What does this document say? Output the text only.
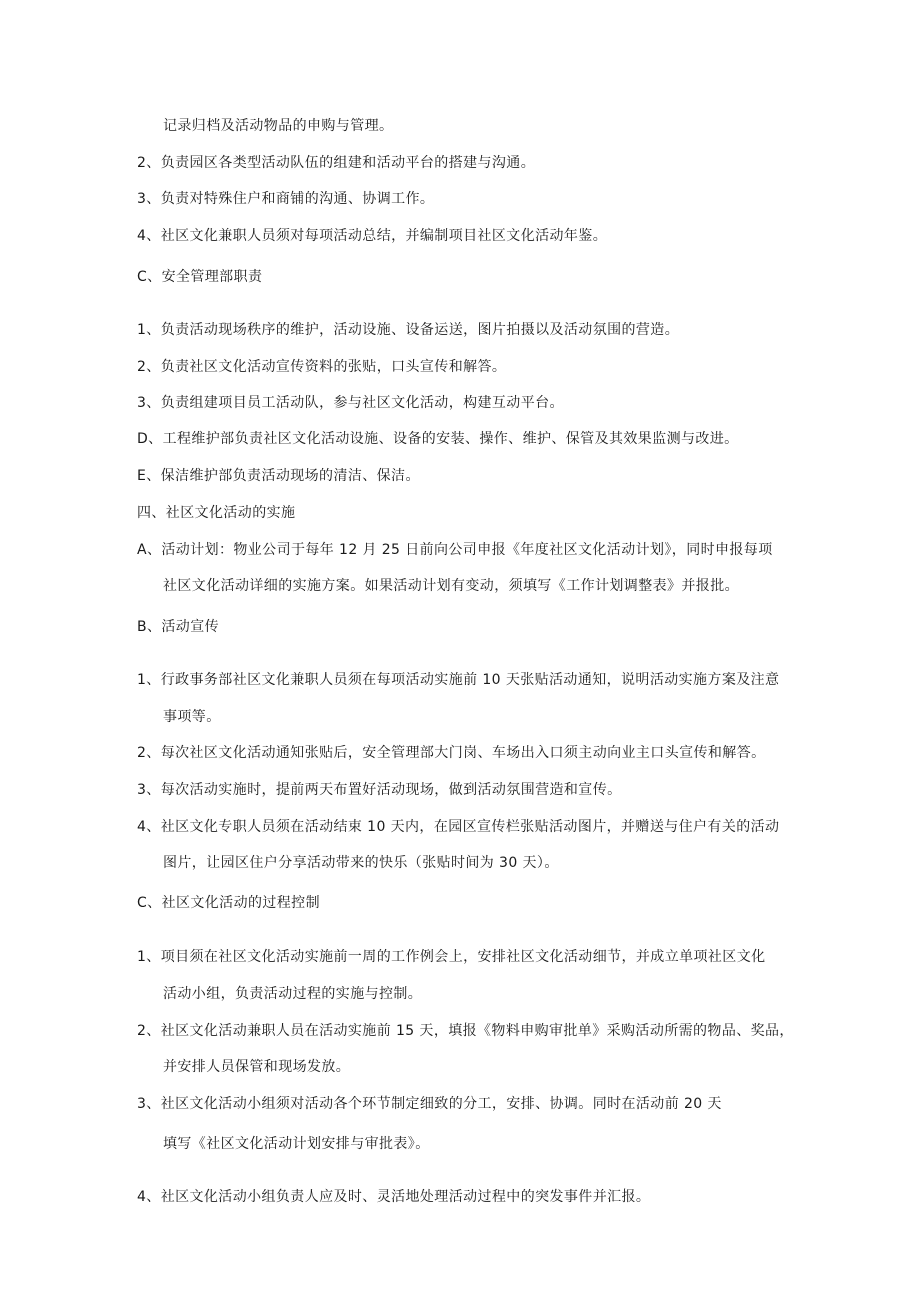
记录归档及活动物品的申购与管理。
2、负责园区各类型活动队伍的组建和活动平台的搭建与沟通。
3、负责对特殊住户和商铺的沟通、协调工作。
4、社区文化兼职人员须对每项活动总结，并编制项目社区文化活动年鉴。
C、安全管理部职责
1、负责活动现场秩序的维护，活动设施、设备运送，图片拍摄以及活动氛围的营造。
2、负责社区文化活动宣传资料的张贴，口头宣传和解答。
3、负责组建项目员工活动队，参与社区文化活动，构建互动平台。
D、工程维护部负责社区文化活动设施、设备的安装、操作、维护、保管及其效果监测与改进。
E、保洁维护部负责活动现场的清洁、保洁。
四、社区文化活动的实施
A、活动计划：物业公司于每年 12 月 25 日前向公司申报《年度社区文化活动计划》，同时申报每项
社区文化活动详细的实施方案。如果活动计划有变动，须填写《工作计划调整表》并报批。
B、活动宣传
1、行政事务部社区文化兼职人员须在每项活动实施前 10 天张贴活动通知，说明活动实施方案及注意
事项等。
2、每次社区文化活动通知张贴后，安全管理部大门岗、车场出入口须主动向业主口头宣传和解答。
3、每次活动实施时，提前两天布置好活动现场，做到活动氛围营造和宣传。
4、社区文化专职人员须在活动结束 10 天内，在园区宣传栏张贴活动图片，并赠送与住户有关的活动
图片，让园区住户分享活动带来的快乐（张贴时间为 30 天）。
C、社区文化活动的过程控制
1、项目须在社区文化活动实施前一周的工作例会上，安排社区文化活动细节，并成立单项社区文化
活动小组，负责活动过程的实施与控制。
2、社区文化活动兼职人员在活动实施前 15 天，填报《物料申购审批单》采购活动所需的物品、奖品，
并安排人员保管和现场发放。
3、社区文化活动小组须对活动各个环节制定细致的分工，安排、协调。同时在活动前 20 天
填写《社区文化活动计划安排与审批表》。
4、社区文化活动小组负责人应及时、灵活地处理活动过程中的突发事件并汇报。
